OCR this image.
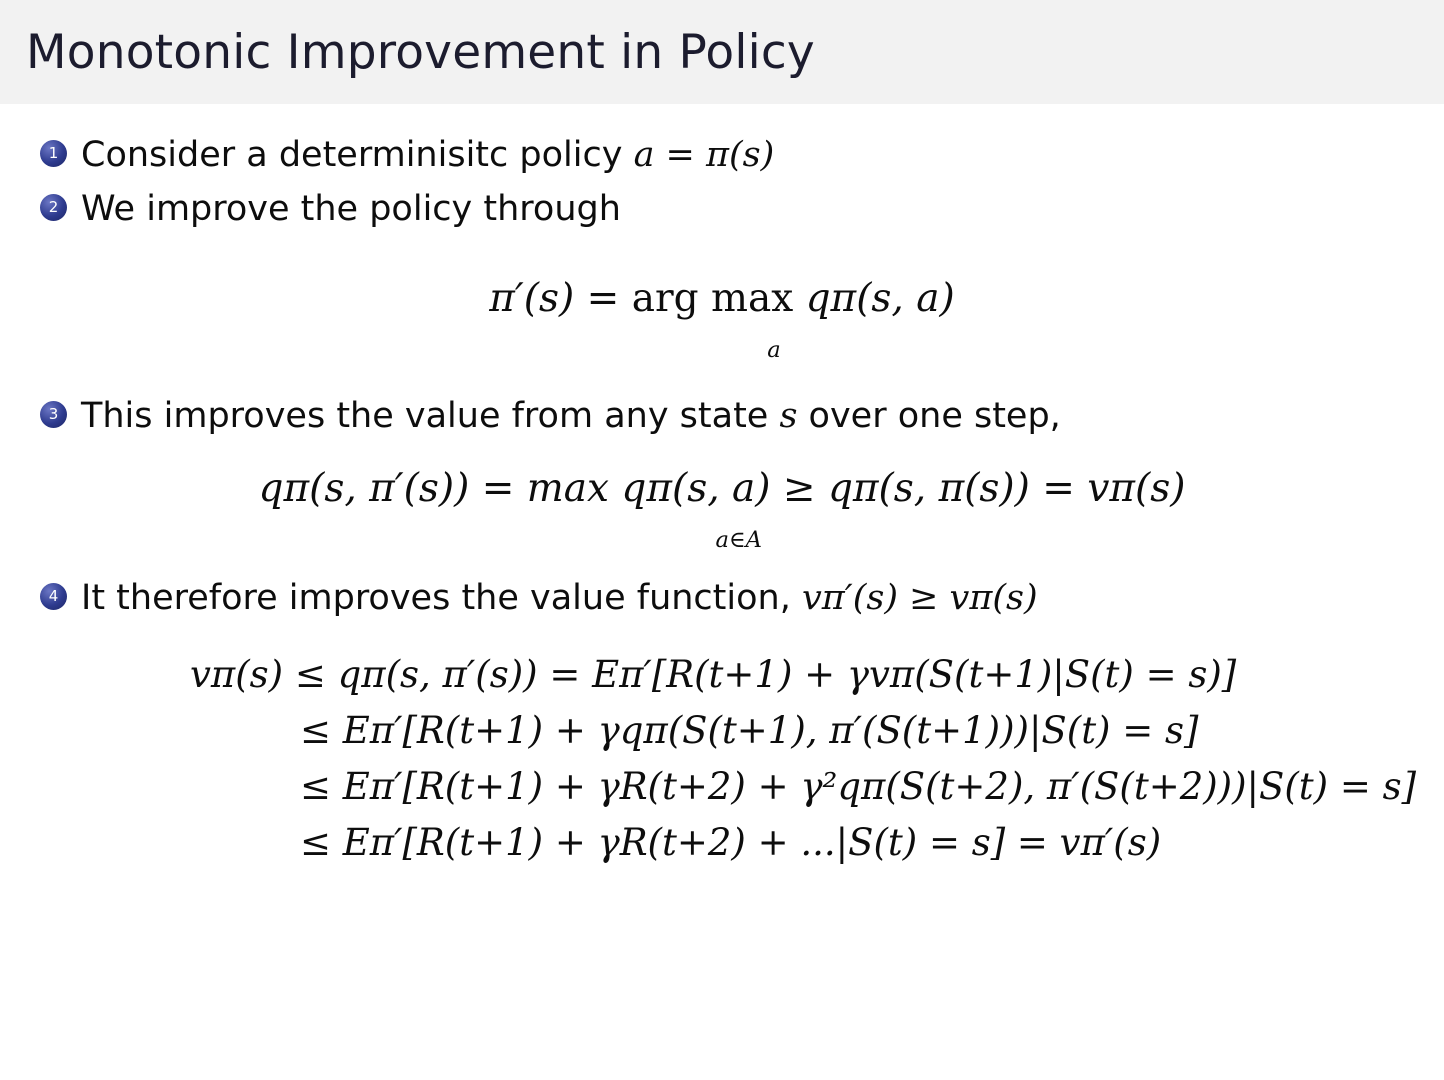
Monotonic Improvement in Policy
1 Consider a determinisitc policy a = π(s)
2 We improve the policy through
π′(s) = arg max
a
qπ(s, a)
3 This improves the value from any state s over one step,
qπ(s, π′(s)) = max qπ(s, a) ≥ qπ(s, π(s)) = vπ(s)
a∈A
4 It therefore improves the value function, vπ′(s) ≥ vπ(s)
vπ(s) ≤ qπ(s, π′(s)) = Eπ′[R(t+1) + γvπ(S(t+1)|S(t) = s)]
≤ Eπ′[R(t+1) + γqπ(S(t+1), π′(S(t+1)))|S(t) = s]
≤ Eπ′[R(t+1) + γR(t+2) + γ²qπ(S(t+2), π′(S(t+2)))|S(t) = s]
≤ Eπ′[R(t+1) + γR(t+2) + ...|S(t) = s] = vπ′(s)
